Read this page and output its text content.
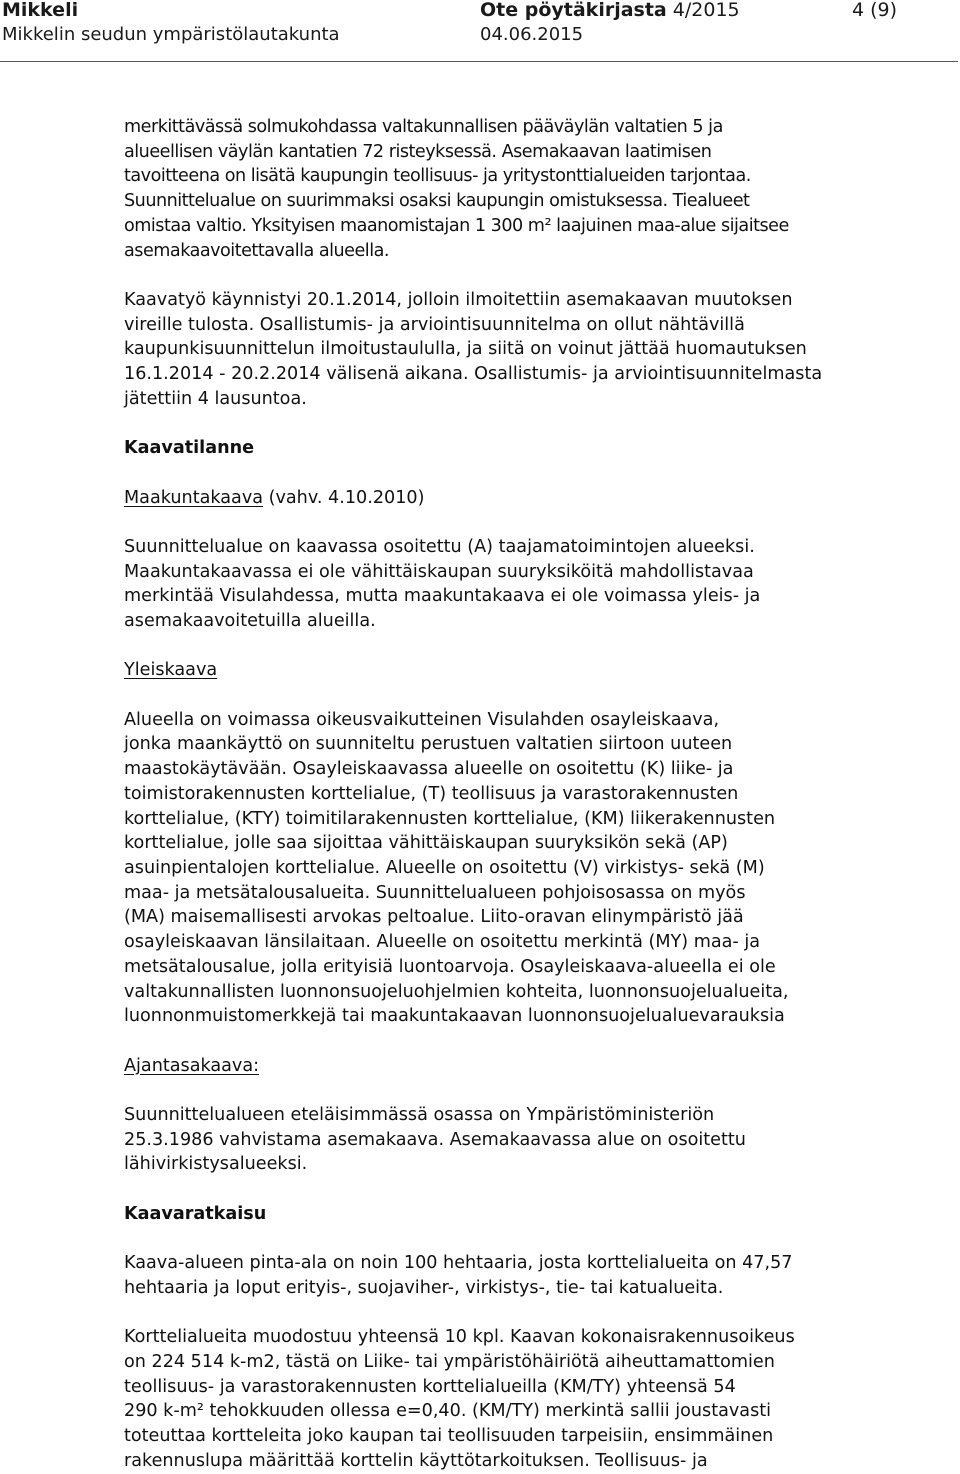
Mikkeli
Mikkelin seudun ympäristölautakunta
Ote pöytäkirjasta 4/2015
04.06.2015
4 (9)

merkittävässä solmukohdassa valtakunnallisen pääväylän valtatien 5 ja
alueellisen väylän kantatien 72 risteyksessä. Asemakaavan laatimisen
tavoitteena on lisätä kaupungin teollisuus- ja yritystonttialueiden tarjontaa.
Suunnittelualue on suurimmaksi osaksi kaupungin omistuksessa. Tiealueet
omistaa valtio. Yksityisen maanomistajan 1 300 m² laajuinen maa-alue sijaitsee
asemakaavoitettavalla alueella.

Kaavatyö käynnistyi 20.1.2014, jolloin ilmoitettiin asemakaavan muutoksen
vireille tulosta. Osallistumis- ja arviointisuunnitelma on ollut nähtävillä
kaupunkisuunnittelun ilmoitustaululla, ja siitä on voinut jättää huomautuksen
16.1.2014 - 20.2.2014 välisenä aikana. Osallistumis- ja arviointisuunnitelmasta
jätettiin 4 lausuntoa.

Kaavatilanne

Maakuntakaava (vahv. 4.10.2010)

Suunnittelualue on kaavassa osoitettu (A) taajamatoimintojen alueeksi.
Maakuntakaavassa ei ole vähittäiskaupan suuryksiköitä mahdollistavaa
merkintää Visulahdessa, mutta maakuntakaava ei ole voimassa yleis- ja
asemakaavoitetuilla alueilla.

Yleiskaava

Alueella on voimassa oikeusvaikutteinen Visulahden osayleiskaava,
jonka maankäyttö on suunniteltu perustuen valtatien siirtoon uuteen
maastokäytävään. Osayleiskaavassa alueelle on osoitettu (K) liike- ja
toimistorakennusten korttelialue, (T) teollisuus ja varastorakennusten
korttelialue, (KTY) toimitilarakennusten korttelialue, (KM) liikerakennusten
korttelialue, jolle saa sijoittaa vähittäiskaupan suuryksikön sekä (AP)
asuinpientalojen korttelialue. Alueelle on osoitettu (V) virkistys- sekä (M)
maa- ja metsätalousalueita. Suunnittelualueen pohjoisosassa on myös
(MA) maisemallisesti arvokas peltoalue. Liito-oravan elinympäristö jää
osayleiskaavan länsilaitaan. Alueelle on osoitettu merkintä (MY) maa- ja
metsätalousalue, jolla erityisiä luontoarvoja. Osayleiskaava-alueella ei ole
valtakunnallisten luonnonsuojeluohjelmien kohteita, luonnonsuojelualueita,
luonnonmuistomerkkejä tai maakuntakaavan luonnonsuojelualuevarauksia

Ajantasakaava:

Suunnittelualueen eteläisimmässä osassa on Ympäristöministeriön
25.3.1986 vahvistama asemakaava. Asemakaavassa alue on osoitettu
lähivirkistysalueeksi.

Kaavaratkaisu

Kaava-alueen pinta-ala on noin 100 hehtaaria, josta korttelialueita on 47,57
hehtaaria ja loput erityis-, suojaviher-, virkistys-, tie- tai katualueita.

Korttelialueita muodostuu yhteensä 10 kpl. Kaavan kokonaisrakennusoikeus
on 224 514 k-m2, tästä on Liike- tai ympäristöhäiriötä aiheuttamattomien
teollisuus- ja varastorakennusten korttelialueilla (KM/TY) yhteensä 54
290 k-m² tehokkuuden ollessa e=0,40. (KM/TY) merkintä sallii joustavasti
toteuttaa kortteleita joko kaupan tai teollisuuden tarpeisiin, ensimmäinen
rakennuslupa määrittää korttelin käyttötarkoituksen. Teollisuus- ja
